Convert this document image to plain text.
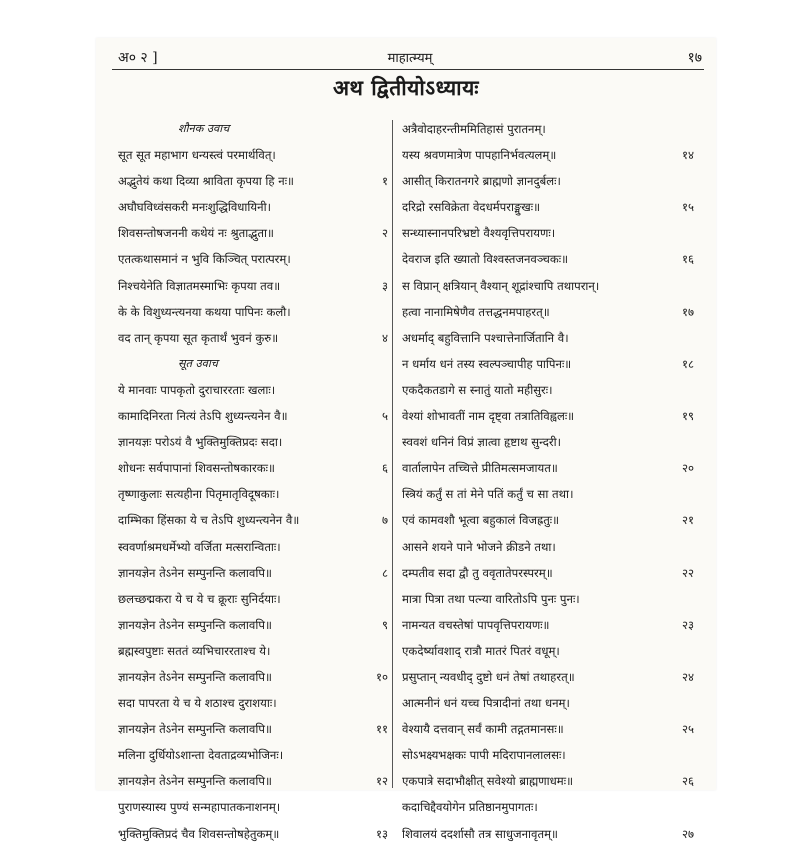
अ० २ ]	माहात्म्यम्	१७
अथ द्वितीयोऽध्यायः
शौनक उवाच
सूत सूत महाभाग धन्यस्त्वं परमार्थवित्।
अद्भुतेयं कथा दिव्या श्राविता कृपया हि नः॥	१
अघौघविध्वंसकरी मनःशुद्धिविधायिनी।
शिवसन्तोषजननी कथेयं नः श्रुताद्भुता॥	२
एतत्कथासमानं न भुवि किञ्चित् परात्परम्।
निश्चयेनेति विज्ञातमस्माभिः कृपया तव॥	३
के के विशुध्यन्त्यनया कथया पापिनः कलौ।
वद तान् कृपया सूत कृतार्थं भुवनं कुरु॥	४
सूत उवाच
ये मानवाः पापकृतो दुराचाररताः खलाः।
कामादिनिरता नित्यं तेऽपि शुध्यन्त्यनेन वै॥	५
ज्ञानयज्ञः परोऽयं वै भुक्तिमुक्तिप्रदः सदा।
शोधनः सर्वपापानां शिवसन्तोषकारकः॥	६
तृष्णाकुलाः सत्यहीना पितृमातृविदूषकाः।
दाम्भिका हिंसका ये च तेऽपि शुध्यन्त्यनेन वै॥	७
स्ववर्णाश्रमधर्मेभ्यो वर्जिता मत्सरान्विताः।
ज्ञानयज्ञेन तेऽनेन सम्पुनन्ति कलावपि॥	८
छलच्छद्मकरा ये च ये च क्रूराः सुनिर्दयाः।
ज्ञानयज्ञेन तेऽनेन सम्पुनन्ति कलावपि॥	९
ब्रह्मस्वपुष्टाः सततं व्यभिचाररताश्च ये।
ज्ञानयज्ञेन तेऽनेन सम्पुनन्ति कलावपि॥	१०
सदा पापरता ये च ये शठाश्च दुराशयाः।
ज्ञानयज्ञेन तेऽनेन सम्पुनन्ति कलावपि॥	११
मलिना दुर्धियोऽशान्ता देवताद्रव्यभोजिनः।
ज्ञानयज्ञेन तेऽनेन सम्पुनन्ति कलावपि॥	१२
पुराणस्यास्य पुण्यं सन्महापातकनाशनम्।
भुक्तिमुक्तिप्रदं चैव शिवसन्तोषहेतुकम्॥	१३
अत्रैवोदाहरन्तीममितिहासं पुरातनम्।
यस्य श्रवणमात्रेण पापहानिर्भवत्यलम्॥	१४
आसीत् किरातनगरे ब्राह्मणो ज्ञानदुर्बलः।
दरिद्रो रसविक्रेता वेदधर्मपराङ्मुखः॥	१५
सन्ध्यास्नानपरिभ्रष्टो वैश्यवृत्तिपरायणः।
देवराज इति ख्यातो विश्वस्तजनवञ्चकः॥	१६
स विप्रान् क्षत्रियान् वैश्यान् शूद्रांश्चापि तथापरान्।
हत्वा नानामिषेणैव तत्तद्धनमपाहरत्॥	१७
अधर्माद् बहुवित्तानि पश्चात्तेनार्जितानि वै।
न धर्माय धनं तस्य स्वल्पञ्चापीह पापिनः॥	१८
एकदैकतडागे स स्नातुं यातो महीसुरः।
वेश्यां शोभावतीं नाम दृष्ट्वा तत्रातिविह्वलः॥	१९
स्ववशं धनिनं विप्रं ज्ञात्वा हृष्टाथ सुन्दरी।
वार्तालापेन तच्चित्ते प्रीतिमत्समजायत॥	२०
स्त्रियं कर्तुं स तां मेने पतिं कर्तुं च सा तथा।
एवं कामवशौ भूत्वा बहुकालं विजह्रतुः॥	२१
आसने शयने पाने भोजने क्रीडने तथा।
दम्पतीव सदा द्वौ तु ववृतातेपरस्परम्॥	२२
मात्रा पित्रा तथा पत्न्या वारितोऽपि पुनः पुनः।
नामन्यत वचस्तेषां पापवृत्तिपरायणः॥	२३
एकदेर्ष्यावशाद् रात्रौ मातरं पितरं वधूम्।
प्रसुप्तान् न्यवधीद् दुष्टो धनं तेषां तथाहरत्॥	२४
आत्मनीनं धनं यच्च पित्रादीनां तथा धनम्।
वेश्यायै दत्तवान् सर्वं कामी तद्गतमानसः॥	२५
सोऽभक्ष्यभक्षकः पापी मदिरापानलालसः।
एकपात्रे सदाभौक्षीत् सवेश्यो ब्राह्मणाधमः॥	२६
कदाचिद्दैवयोगेन प्रतिष्ठानमुपागतः।
शिवालयं ददर्शासौ तत्र साधुजनावृतम्॥	२७
